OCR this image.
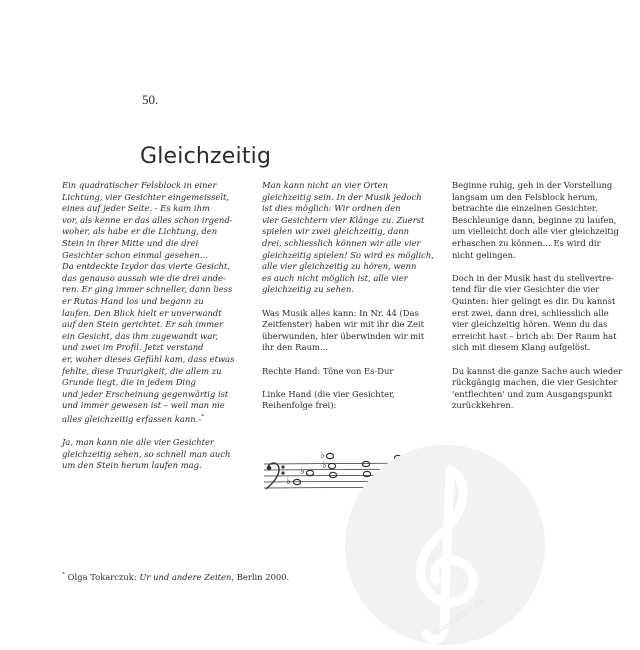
50.
Gleichzeitig

Ein quadratischer Felsblock in einer
Lichtung, vier Gesichter eingemeisselt,
eines auf jeder Seite. - Es kam ihm
vor, als kenne er das alles schon irgend-
woher, als habe er die Lichtung, den
Stein in ihrer Mitte und die drei
Gesichter schon einmal gesehen…
Da entdeckte Izydor das vierte Gesicht,
das genauso aussah wie die drei ande-
ren. Er ging immer schneller, dann liess
er Rutas Hand los und begann zu
laufen. Den Blick hielt er unverwandt
auf den Stein gerichtet. Er sah immer
ein Gesicht, das ihm zugewandt war,
und zwei im Profil. Jetzt verstand
er, woher dieses Gefühl kam, dass etwas
fehlte, diese Traurigkeit, die allem zu
Grunde liegt, die in jedem Ding
und jeder Erscheinung gegenwärtig ist
und immer gewesen ist – weil man nie
alles gleichzeitig erfassen kann.-°

Ja, man kann nie alle vier Gesichter
gleichzeitig sehen, so schnell man auch
um den Stein herum laufen mag.

Man kann nicht an vier Orten
gleichzeitig sein. In der Musik jedoch
ist dies möglich: Wir ordnen den
vier Gesichtern vier Klänge zu. Zuerst
spielen wir zwei gleichzeitig, dann
drei, schliesslich können wir alle vier
gleichzeitig spielen! So wird es möglich,
alle vier gleichzeitig zu hören, wenn
es auch nicht möglich ist, alle vier
gleichzeitig zu sehen.

Was Musik alles kann: In Nr. 44 (Das
Zeitfenster) haben wir mit ihr die Zeit
überwunden, hier überwinden wir mit
ihr den Raum…

Rechte Hand: Töne von Es-Dur

Linke Hand (die vier Gesichter,
Reihenfolge frei):

♭
♭
♭
♭

Beginne ruhig, geh in der Vorstellung
langsam um den Felsblock herum,
betrachte die einzelnen Gesichter.
Beschleunige dann, beginne zu laufen,
um vielleicht doch alle vier gleichzeitig
erhaschen zu können… Es wird dir
nicht gelingen.

Doch in der Musik hast du stellvertre-
tend für die vier Gesichter die vier
Quinten: hier gelingt es dir. Du kannst
erst zwei, dann drei, schliesslich alle
vier gleichzeitig hören. Wenn du das
erreicht hast – brich ab: Der Raum hat
sich mit diesem Klang aufgelöst.

Du kannst die ganze Sache auch wieder
rückgängig machen, die vier Gesichter
'entflechten' und zum Ausgangspunkt
zurückkehren.

° Olga Tokarczuk: Ur und andere Zeiten, Berlin 2000.
alle-noten.de
